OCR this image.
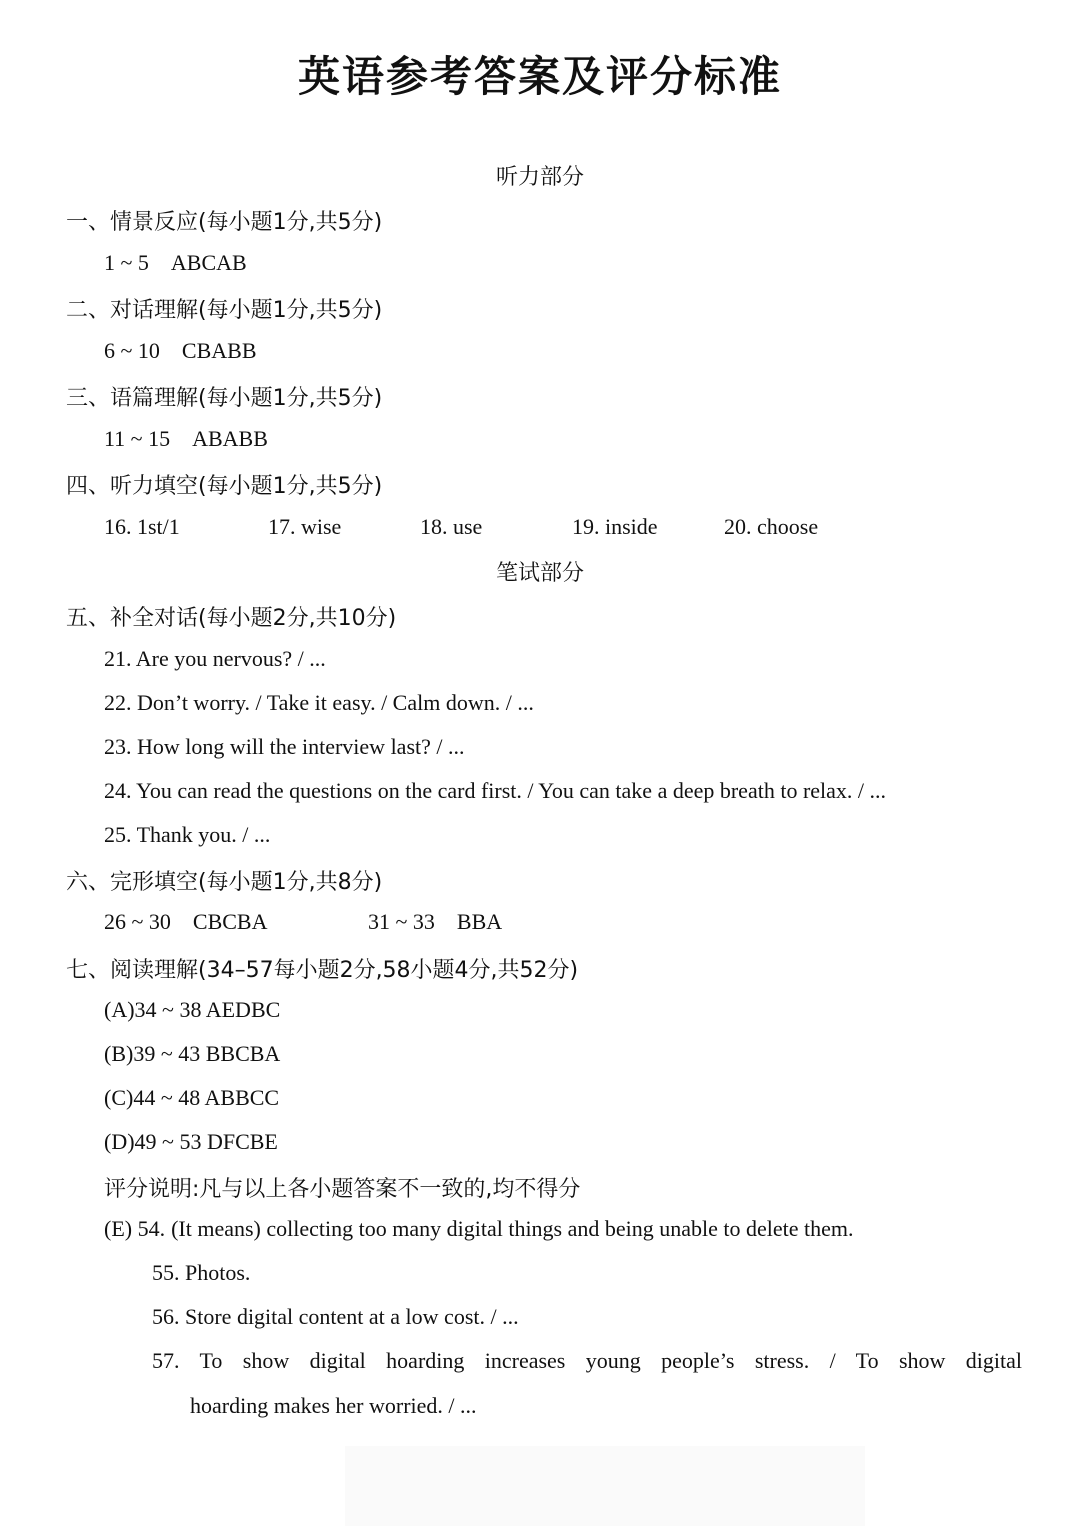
英语参考答案及评分标准
听力部分
一、情景反应(每小题1分,共5分)
1 ~ 5 ABCAB
二、对话理解(每小题1分,共5分)
6 ~ 10 CBABB
三、语篇理解(每小题1分,共5分)
11 ~ 15 ABABB
四、听力填空(每小题1分,共5分)
16. 1st/1	17. wise	18. use	19. inside	20. choose
笔试部分
五、补全对话(每小题2分,共10分)
21. Are you nervous? / ...
22. Don’t worry. / Take it easy. / Calm down. / ...
23. How long will the interview last? / ...
24. You can read the questions on the card first. / You can take a deep breath to relax. / ...
25. Thank you. / ...
六、完形填空(每小题1分,共8分)
26 ~ 30 CBCBA	31 ~ 33 BBA
七、阅读理解(34–57每小题2分,58小题4分,共52分)
(A)34 ~ 38 AEDBC
(B)39 ~ 43 BBCBA
(C)44 ~ 48 ABBCC
(D)49 ~ 53 DFCBE
评分说明:凡与以上各小题答案不一致的,均不得分
(E) 54. (It means) collecting too many digital things and being unable to delete them.
55. Photos.
56. Store digital content at a low cost. / ...
57. To show digital hoarding increases young people’s stress. / To show digital
hoarding makes her worried. / ...
